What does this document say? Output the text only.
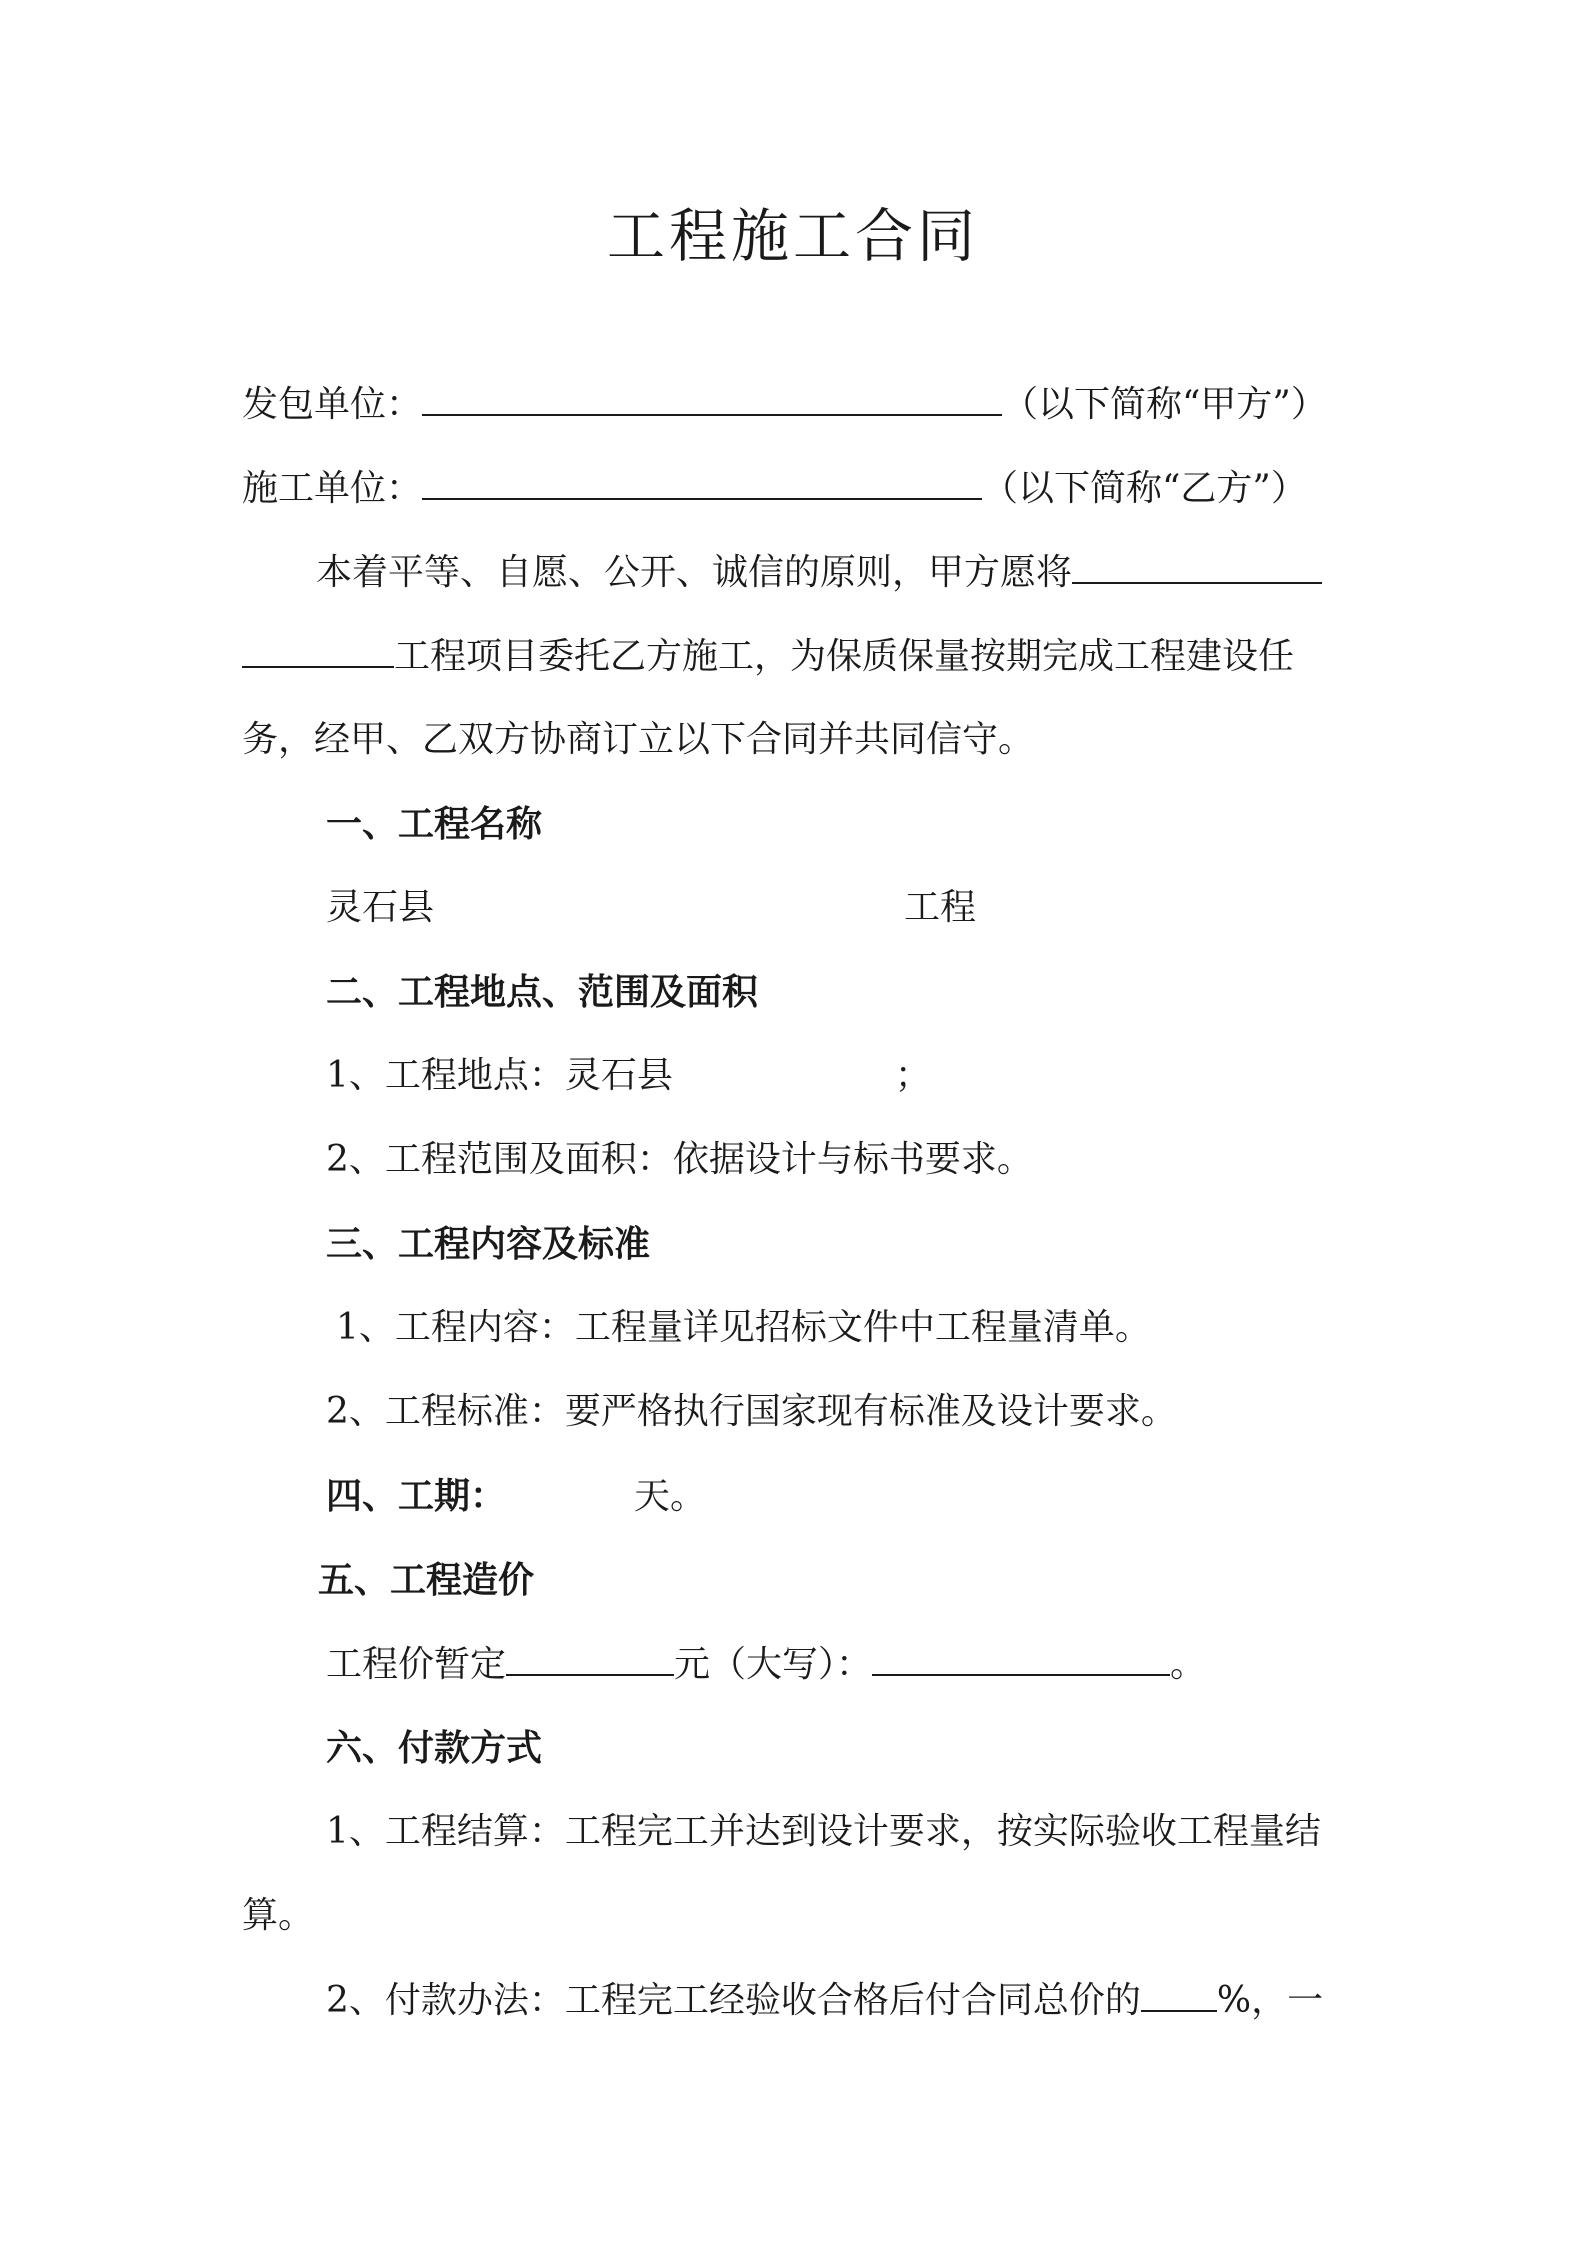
工程施工合同
发包单位：	（以下简称“甲方”）
施工单位：	（以下简称“乙方”）
本着平等、自愿、公开、诚信的原则，甲方愿将
工程项目委托乙方施工，为保质保量按期完成工程建设任
务，经甲、乙双方协商订立以下合同并共同信守。
一、工程名称
灵石县	工程
二、工程地点、范围及面积
1、工程地点：灵石县	；
2、工程范围及面积：依据设计与标书要求。
三、工程内容及标准
1、工程内容：工程量详见招标文件中工程量清单。
2、工程标准：要严格执行国家现有标准及设计要求。
四、工期：	天。
五、工程造价
工程价暂定	元（大写）：	。
六、付款方式
1、工程结算：工程完工并达到设计要求，按实际验收工程量结
算。
2、付款办法：工程完工经验收合格后付合同总价的 %，一
